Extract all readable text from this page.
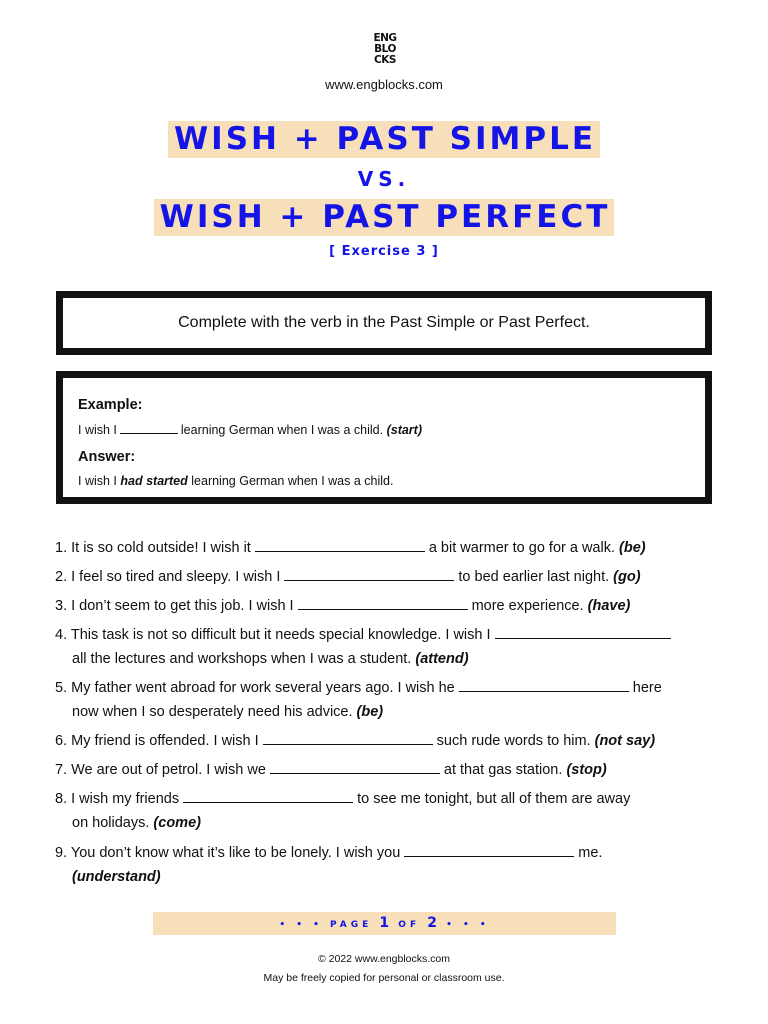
ENG
BLO
CKS
www.engblocks.com
WISH + PAST SIMPLE
VS.
WISH + PAST PERFECT
[ Exercise 3 ]
Complete with the verb in the Past Simple or Past Perfect.
Example:
I wish I	learning German when I was a child. (start)
Answer:
I wish I had started learning German when I was a child.
1. It is so cold outside! I wish it	a bit warmer to go for a walk. (be)
2. I feel so tired and sleepy. I wish I	to bed earlier last night. (go)
3. I don’t seem to get this job. I wish I	more experience. (have)
4. This task is not so difficult but it needs special knowledge. I wish I
all the lectures and workshops when I was a student. (attend)
5. My father went abroad for work several years ago. I wish he	here
now when I so desperately need his advice. (be)
6. My friend is offended. I wish I	such rude words to him. (not say)
7. We are out of petrol. I wish we	at that gas station. (stop)
8. I wish my friends	to see me tonight, but all of them are away
on holidays. (come)
9. You don’t know what it’s like to be lonely. I wish you	me.
(understand)
• • • PAGE 1 OF 2 • • •
© 2022 www.engblocks.com
May be freely copied for personal or classroom use.
